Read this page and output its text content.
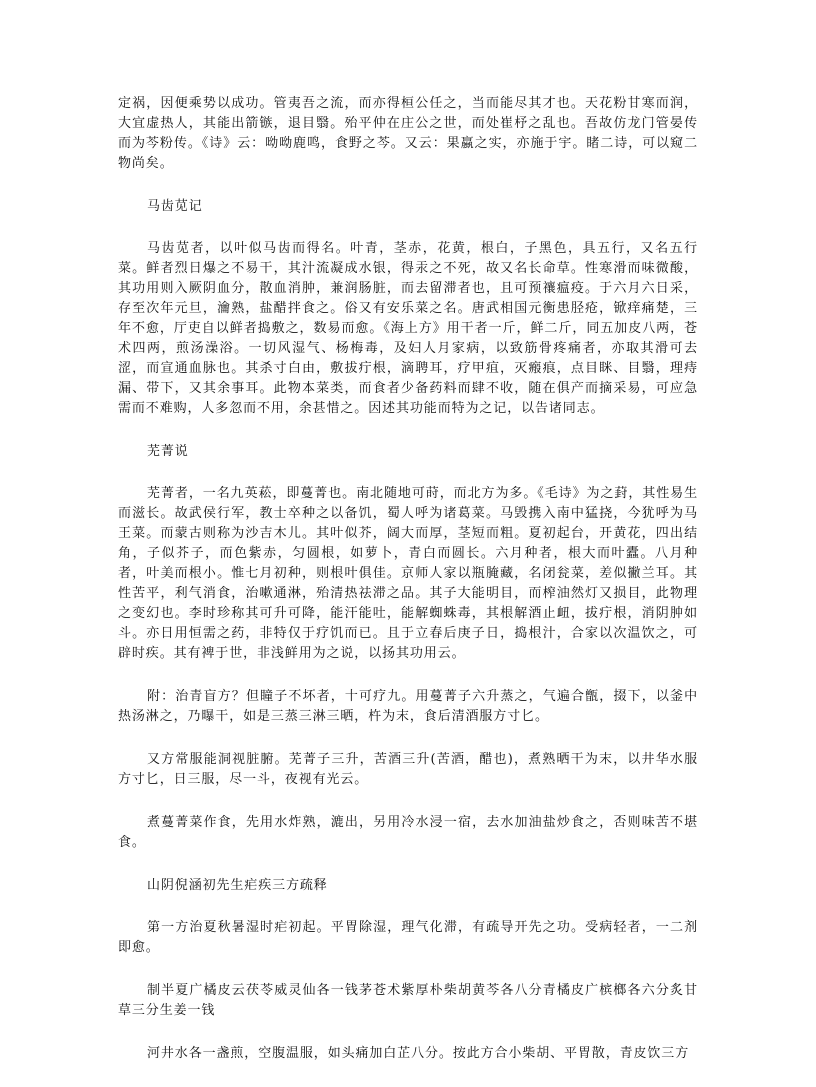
定祸，因便乘势以成功。管夷吾之流，而亦得桓公任之，当而能尽其才也。天花粉甘寒而润，大宜虚热人，其能出箭镞，退目翳。殆平仲在庄公之世，而处崔杼之乱也。吾故仿龙门管晏传而为芩粉传。《诗》云：呦呦鹿鸣，食野之芩。又云：果蠃之实，亦施于宇。睹二诗，可以窥二物尚矣。

马齿苋记

马齿苋者，以叶似马齿而得名。叶青，茎赤，花黄，根白，子黑色，具五行，又名五行菜。鲜者烈日爆之不易干，其汁流凝成水银，得汞之不死，故又名长命草。性寒滑而味微酸，其功用则入厥阴血分，散血消肿，兼润肠脏，而去留滞者也，且可预禳瘟疫。于六月六日采，存至次年元旦，瀹熟，盐醋拌食之。俗又有安乐菜之名。唐武相国元衡患胫疮，锨痒痛楚，三年不愈，厅吏自以鲜者捣敷之，数易而愈。《海上方》用干者一斤，鲜二斤，同五加皮八两，苍术四两，煎汤澡浴。一切风湿气、杨梅毒，及妇人月家病，以致筋骨疼痛者，亦取其滑可去涩，而宣通血脉也。其杀寸白由，敷拔疔根，滴聘耳，疗甲疽，灭瘢痕，点目眯、目翳，理痔漏、带下，又其余事耳。此物本菜类，而食者少备药料而肆不收，随在俱产而摘采易，可应急需而不难购，人多忽而不用，余甚惜之。因述其功能而特为之记，以告诸同志。

芜菁说

芜菁者，一名九英菘，即蔓菁也。南北随地可莳，而北方为多。《毛诗》为之葑，其性易生而滋长。故武侯行军，教士卒种之以备饥，蜀人呼为诸葛菜。马毁携入南中猛挠，今犹呼为马王菜。而蒙古则称为沙吉木儿。其叶似芥，阔大而厚，茎短而粗。夏初起台，开黄花，四出结角，子似芥子，而色紫赤，匀圆根，如萝卜，青白而圆长。六月种者，根大而叶蠹。八月种者，叶美而根小。惟七月初种，则根叶俱佳。京师人家以瓶腌藏，名闭瓮菜，差似撇兰耳。其性苦平，利气消食，治嗽通淋，殆清热祛滞之品。其子大能明目，而榨油然灯又损目，此物理之变幻也。李时珍称其可升可降，能汗能吐，能解蜘蛛毒，其根解酒止衄，拔疔根，消阴肿如斗。亦日用恒需之药，非特仅于疗饥而已。且于立春后庚子日，捣根汁，合家以次温饮之，可辟时疾。其有裨于世，非浅鲜用为之说，以扬其功用云。

附：治青盲方？但瞳子不坏者，十可疗九。用蔓菁子六升蒸之，气遍合甑，掇下，以釜中热汤淋之，乃曝干，如是三蒸三淋三晒，杵为末，食后清酒服方寸匕。

又方常服能洞视脏腑。芜菁子三升，苦酒三升(苦酒，醋也)，煮熟晒干为末，以井华水服方寸匕，日三服，尽一斗，夜视有光云。

煮蔓菁菜作食，先用水炸熟，漉出，另用冷水浸一宿，去水加油盐炒食之，否则味苦不堪食。

山阴倪涵初先生疟疾三方疏释

第一方治夏秋暑湿时疟初起。平胃除湿，理气化滞，有疏导开先之功。受病轻者，一二剂即愈。

制半夏广橘皮云茯苓威灵仙各一钱茅苍术紫厚朴柴胡黄芩各八分青橘皮广槟榔各六分炙甘草三分生姜一钱

河井水各一盏煎，空腹温服，如头痛加白芷八分。按此方合小柴胡、平胃散，青皮饮三方
